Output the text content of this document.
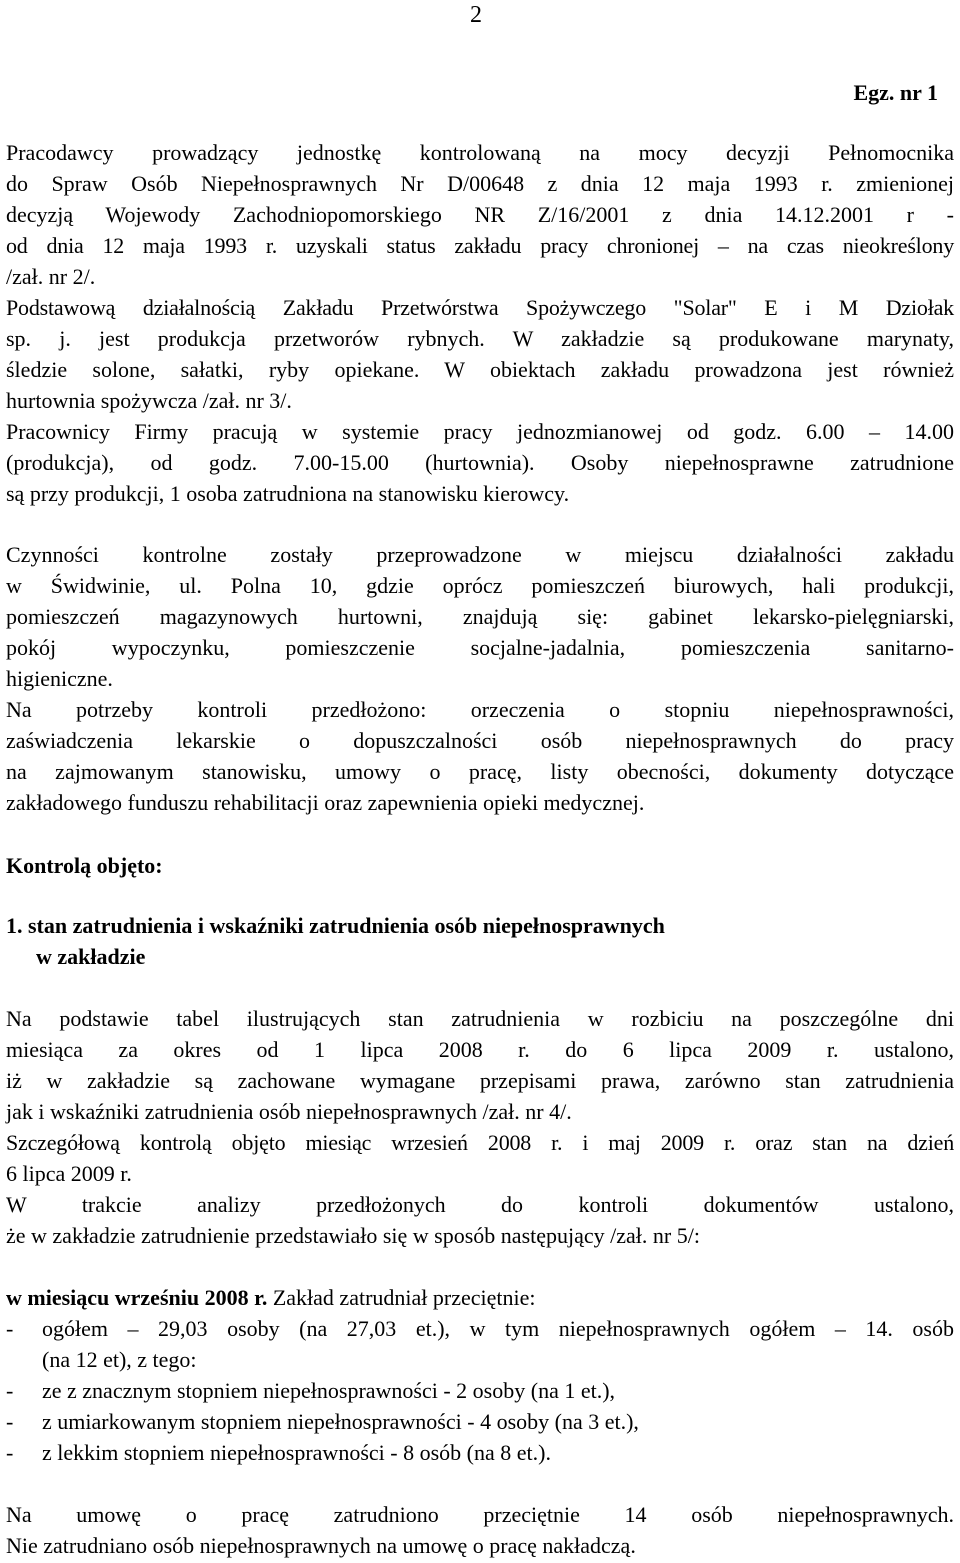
2
Egz. nr 1
Pracodawcy prowadzący jednostkę kontrolowaną na mocy decyzji Pełnomocnika
do Spraw Osób Niepełnosprawnych Nr D/00648 z dnia 12 maja 1993 r. zmienionej
decyzją Wojewody Zachodniopomorskiego NR Z/16/2001 z dnia 14.12.2001 r -
od dnia 12 maja 1993 r. uzyskali status zakładu pracy chronionej – na czas nieokreślony
/zał. nr 2/.
Podstawową działalnością Zakładu Przetwórstwa Spożywczego "Solar" E i M Dziołak
sp. j. jest produkcja przetworów rybnych. W zakładzie są produkowane marynaty,
śledzie solone, sałatki, ryby opiekane. W obiektach zakładu prowadzona jest również
hurtownia spożywcza /zał. nr 3/.
Pracownicy Firmy pracują w systemie pracy jednozmianowej od godz. 6.00 – 14.00
(produkcja), od godz. 7.00-15.00 (hurtownia). Osoby niepełnosprawne zatrudnione
są przy produkcji, 1 osoba zatrudniona na stanowisku kierowcy.
Czynności kontrolne zostały przeprowadzone w miejscu działalności zakładu
w Świdwinie, ul. Polna 10, gdzie oprócz pomieszczeń biurowych, hali produkcji,
pomieszczeń magazynowych hurtowni, znajdują się: gabinet lekarsko-pielęgniarski,
pokój wypoczynku, pomieszczenie socjalne-jadalnia, pomieszczenia sanitarno-
higieniczne.
Na potrzeby kontroli przedłożono: orzeczenia o stopniu niepełnosprawności,
zaświadczenia lekarskie o dopuszczalności osób niepełnosprawnych do pracy
na zajmowanym stanowisku, umowy o pracę, listy obecności, dokumenty dotyczące
zakładowego funduszu rehabilitacji oraz zapewnienia opieki medycznej.
Kontrolą objęto:
1. stan zatrudnienia i wskaźniki zatrudnienia osób niepełnosprawnych
w zakładzie
Na podstawie tabel ilustrujących stan zatrudnienia w rozbiciu na poszczególne dni
miesiąca za okres od 1 lipca 2008 r. do 6 lipca 2009 r. ustalono,
iż w zakładzie są zachowane wymagane przepisami prawa, zarówno stan zatrudnienia
jak i wskaźniki zatrudnienia osób niepełnosprawnych /zał. nr 4/.
Szczegółową kontrolą objęto miesiąc wrzesień 2008 r. i maj 2009 r. oraz stan na dzień
6 lipca 2009 r.
W trakcie analizy przedłożonych do kontroli dokumentów ustalono,
że w zakładzie zatrudnienie przedstawiało się w sposób następujący /zał. nr 5/:
w miesiącu wrześniu 2008 r. Zakład zatrudniał przeciętnie:
-	ogółem – 29,03 osoby (na 27,03 et.), w tym niepełnosprawnych ogółem – 14. osób
(na 12 et), z tego:
-	ze z znacznym stopniem niepełnosprawności - 2 osoby (na 1 et.),
-	z umiarkowanym stopniem niepełnosprawności - 4 osoby (na 3 et.),
-	z lekkim stopniem niepełnosprawności - 8 osób (na 8 et.).
Na umowę o pracę zatrudniono przeciętnie 14 osób niepełnosprawnych.
Nie zatrudniano osób niepełnosprawnych na umowę o pracę nakładczą.
